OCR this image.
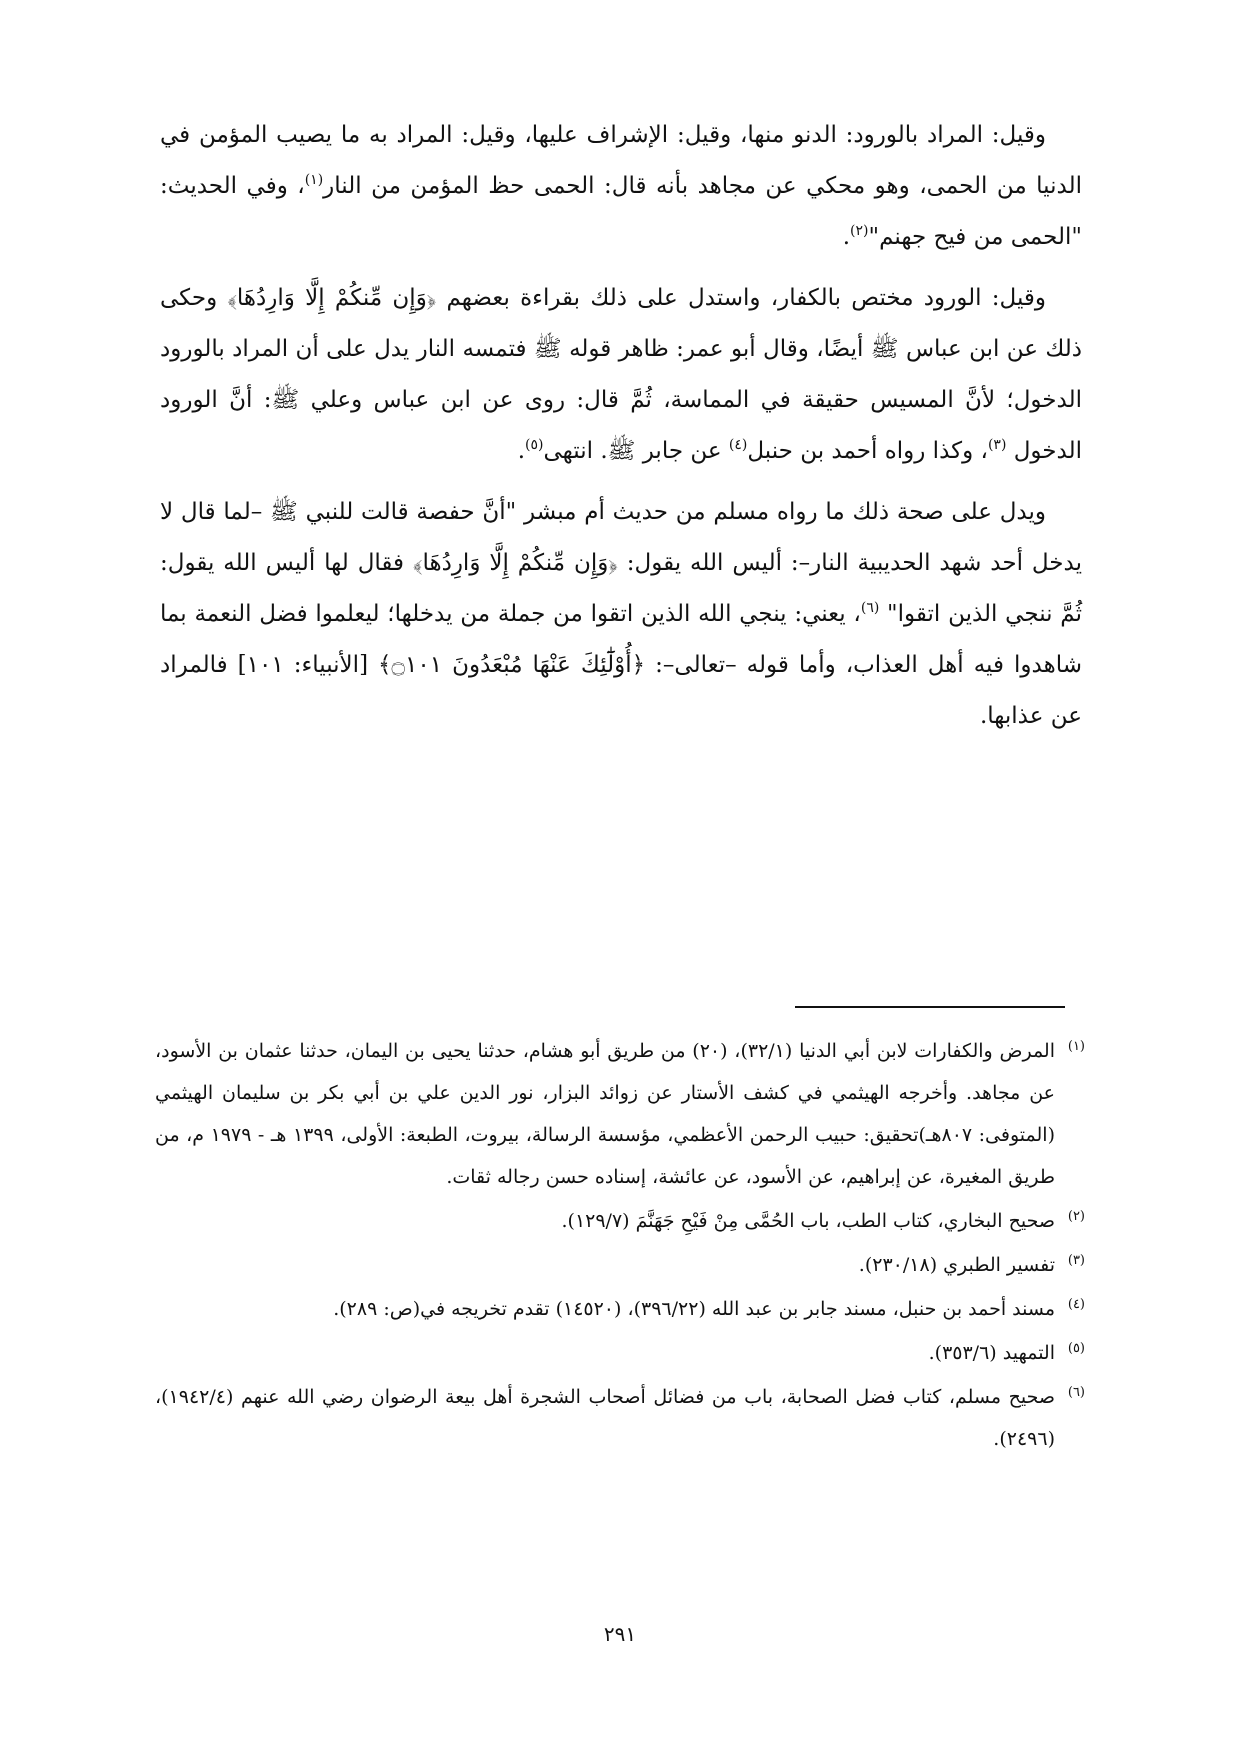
وقيل: المراد بالورود: الدنو منها، وقيل: الإشراف عليها، وقيل: المراد به ما يصيب المؤمن في الدنيا من الحمى، وهو محكي عن مجاهد بأنه قال: الحمى حظ المؤمن من النار$^{(١)}$، وفي الحديث: "الحمى من فيح جهنم"$^{(٢)}$.

وقيل: الورود مختص بالكفار، واستدل على ذلك بقراءة بعضهم ﴿وَإِن مِّنكُمْ إِلَّا وَارِدُهَا﴾ وحكى ذلك عن ابن عباس ﷺ أيضًا، وقال أبو عمر: ظاهر قوله ﷺ فتمسه النار يدل على أن المراد بالورود الدخول؛ لأنَّ المسيس حقيقة في المماسة، ثُمَّ قال: روى عن ابن عباس وعلي ﷺ: أنَّ الورود الدخول $^{(٣)}$، وكذا رواه أحمد بن حنبل$^{(٤)}$ عن جابر ﷺ. انتهى$^{(٥)}$.

ويدل على صحة ذلك ما رواه مسلم من حديث أم مبشر "أنَّ حفصة قالت للنبي ﷺ –لما قال لا يدخل أحد شهد الحديبية النار–: أليس الله يقول: ﴿وَإِن مِّنكُمْ إِلَّا وَارِدُهَا﴾ فقال لها أليس الله يقول: ثُمَّ ننجي الذين اتقوا" $^{(٦)}$، يعني: ينجي الله الذين اتقوا من جملة من يدخلها؛ ليعلموا فضل النعمة بما شاهدوا فيه أهل العذاب، وأما قوله –تعالى–: ﴿أُوْلَٰٓئِكَ عَنْهَا مُبْعَدُونَ ۝١٠١﴾ [الأنبياء: ١٠١] فالمراد عن عذابها.

(١)المرض والكفارات لابن أبي الدنيا (٣٢/١)، (٢٠) من طريق أبو هشام، حدثنا يحيى بن اليمان، حدثنا عثمان بن الأسود، عن مجاهد. وأخرجه الهيثمي في كشف الأستار عن زوائد البزار، نور الدين علي بن أبي بكر بن سليمان الهيثمي (المتوفى: ٨٠٧هـ)تحقيق: حبيب الرحمن الأعظمي، مؤسسة الرسالة، بيروت، الطبعة: الأولى، ١٣٩٩ هـ - ١٩٧٩ م، من طريق المغيرة، عن إبراهيم، عن الأسود، عن عائشة، إسناده حسن رجاله ثقات.
(٢)صحيح البخاري، كتاب الطب، باب الحُمَّى مِنْ فَيْحِ جَهَنَّمَ (١٢٩/٧).
(٣)تفسير الطبري (٢٣٠/١٨).
(٤)مسند أحمد بن حنبل، مسند جابر بن عبد الله (٣٩٦/٢٢)، (١٤٥٢٠) تقدم تخريجه في(ص: ٢٨٩).
(٥)التمهيد (٣٥٣/٦).
(٦)صحيح مسلم، كتاب فضل الصحابة، باب من فضائل أصحاب الشجرة أهل بيعة الرضوان رضي الله عنهم (١٩٤٢/٤)، (٢٤٩٦).
٢٩١
